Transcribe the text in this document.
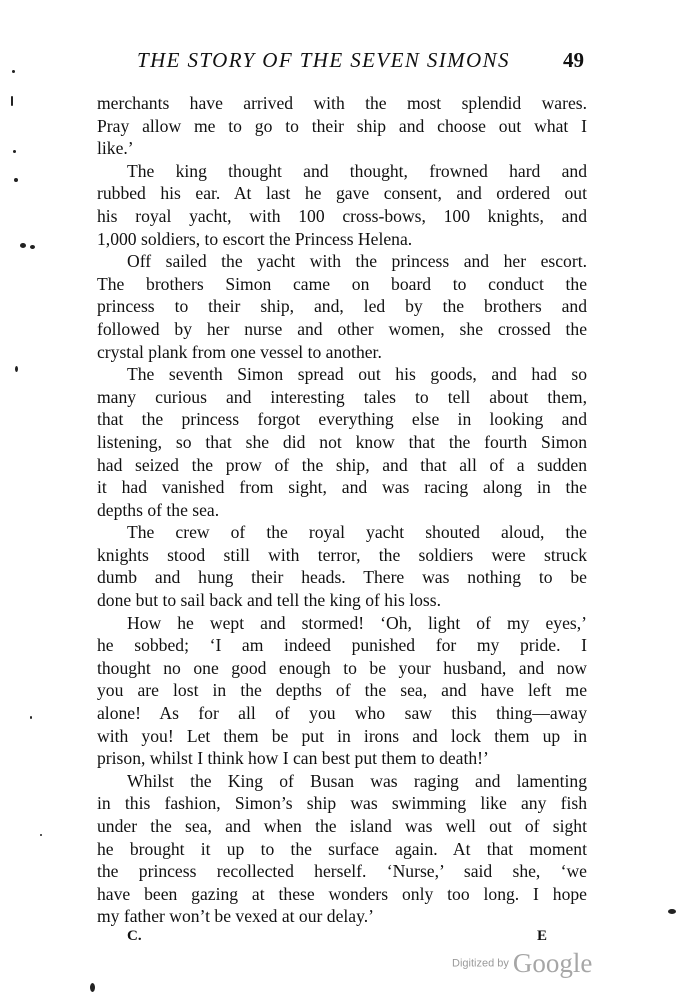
THE STORY OF THE SEVEN SIMONS	49
merchants have arrived with the most splendid wares.
Pray allow me to go to their ship and choose out what I
like.’
The king thought and thought, frowned hard and
rubbed his ear. At last he gave consent, and ordered out
his royal yacht, with 100 cross-bows, 100 knights, and
1,000 soldiers, to escort the Princess Helena.
Off sailed the yacht with the princess and her escort.
The brothers Simon came on board to conduct the
princess to their ship, and, led by the brothers and
followed by her nurse and other women, she crossed the
crystal plank from one vessel to another.
The seventh Simon spread out his goods, and had so
many curious and interesting tales to tell about them,
that the princess forgot everything else in looking and
listening, so that she did not know that the fourth Simon
had seized the prow of the ship, and that all of a sudden
it had vanished from sight, and was racing along in the
depths of the sea.
The crew of the royal yacht shouted aloud, the
knights stood still with terror, the soldiers were struck
dumb and hung their heads. There was nothing to be
done but to sail back and tell the king of his loss.
How he wept and stormed! ‘Oh, light of my eyes,’
he sobbed; ‘I am indeed punished for my pride. I
thought no one good enough to be your husband, and now
you are lost in the depths of the sea, and have left me
alone! As for all of you who saw this thing—away
with you! Let them be put in irons and lock them up in
prison, whilst I think how I can best put them to death!’
Whilst the King of Busan was raging and lamenting
in this fashion, Simon’s ship was swimming like any fish
under the sea, and when the island was well out of sight
he brought it up to the surface again. At that moment
the princess recollected herself. ‘Nurse,’ said she, ‘we
have been gazing at these wonders only too long. I hope
my father won’t be vexed at our delay.’
C.	E
Digitized by Google
